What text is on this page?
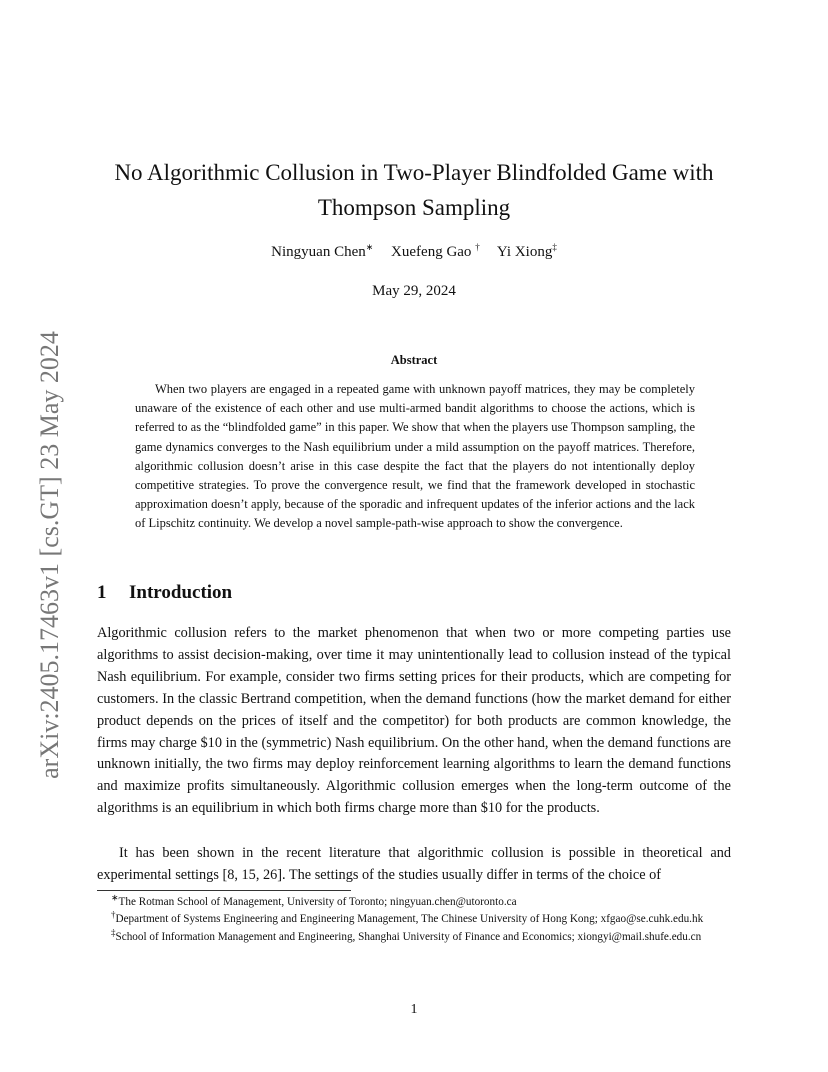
arXiv:2405.17463v1 [cs.GT] 23 May 2024
No Algorithmic Collusion in Two-Player Blindfolded Game with Thompson Sampling
Ningyuan Chen∗ Xuefeng Gao † Yi Xiong‡
May 29, 2024
Abstract
When two players are engaged in a repeated game with unknown payoff matrices, they may be completely unaware of the existence of each other and use multi-armed bandit algorithms to choose the actions, which is referred to as the “blindfolded game” in this paper. We show that when the players use Thompson sampling, the game dynamics converges to the Nash equilibrium under a mild assumption on the payoff matrices. Therefore, algorithmic collusion doesn’t arise in this case despite the fact that the players do not intentionally deploy competitive strategies. To prove the convergence result, we find that the framework developed in stochastic approximation doesn’t apply, because of the sporadic and infrequent updates of the inferior actions and the lack of Lipschitz continuity. We develop a novel sample-path-wise approach to show the convergence.
1 Introduction
Algorithmic collusion refers to the market phenomenon that when two or more competing parties use algorithms to assist decision-making, over time it may unintentionally lead to collusion instead of the typical Nash equilibrium. For example, consider two firms setting prices for their products, which are competing for customers. In the classic Bertrand competition, when the demand functions (how the market demand for either product depends on the prices of itself and the competitor) for both products are common knowledge, the firms may charge $10 in the (symmetric) Nash equilibrium. On the other hand, when the demand functions are unknown initially, the two firms may deploy reinforcement learning algorithms to learn the demand functions and maximize profits simultaneously. Algorithmic collusion emerges when the long-term outcome of the algorithms is an equilibrium in which both firms charge more than $10 for the products.
It has been shown in the recent literature that algorithmic collusion is possible in theoretical and experimental settings [8, 15, 26]. The settings of the studies usually differ in terms of the choice of

∗The Rotman School of Management, University of Toronto; ningyuan.chen@utoronto.ca

†Department of Systems Engineering and Engineering Management, The Chinese University of Hong Kong; xfgao@se.cuhk.edu.hk

‡School of Information Management and Engineering, Shanghai University of Finance and Economics; xiongyi@mail.shufe.edu.cn

1
